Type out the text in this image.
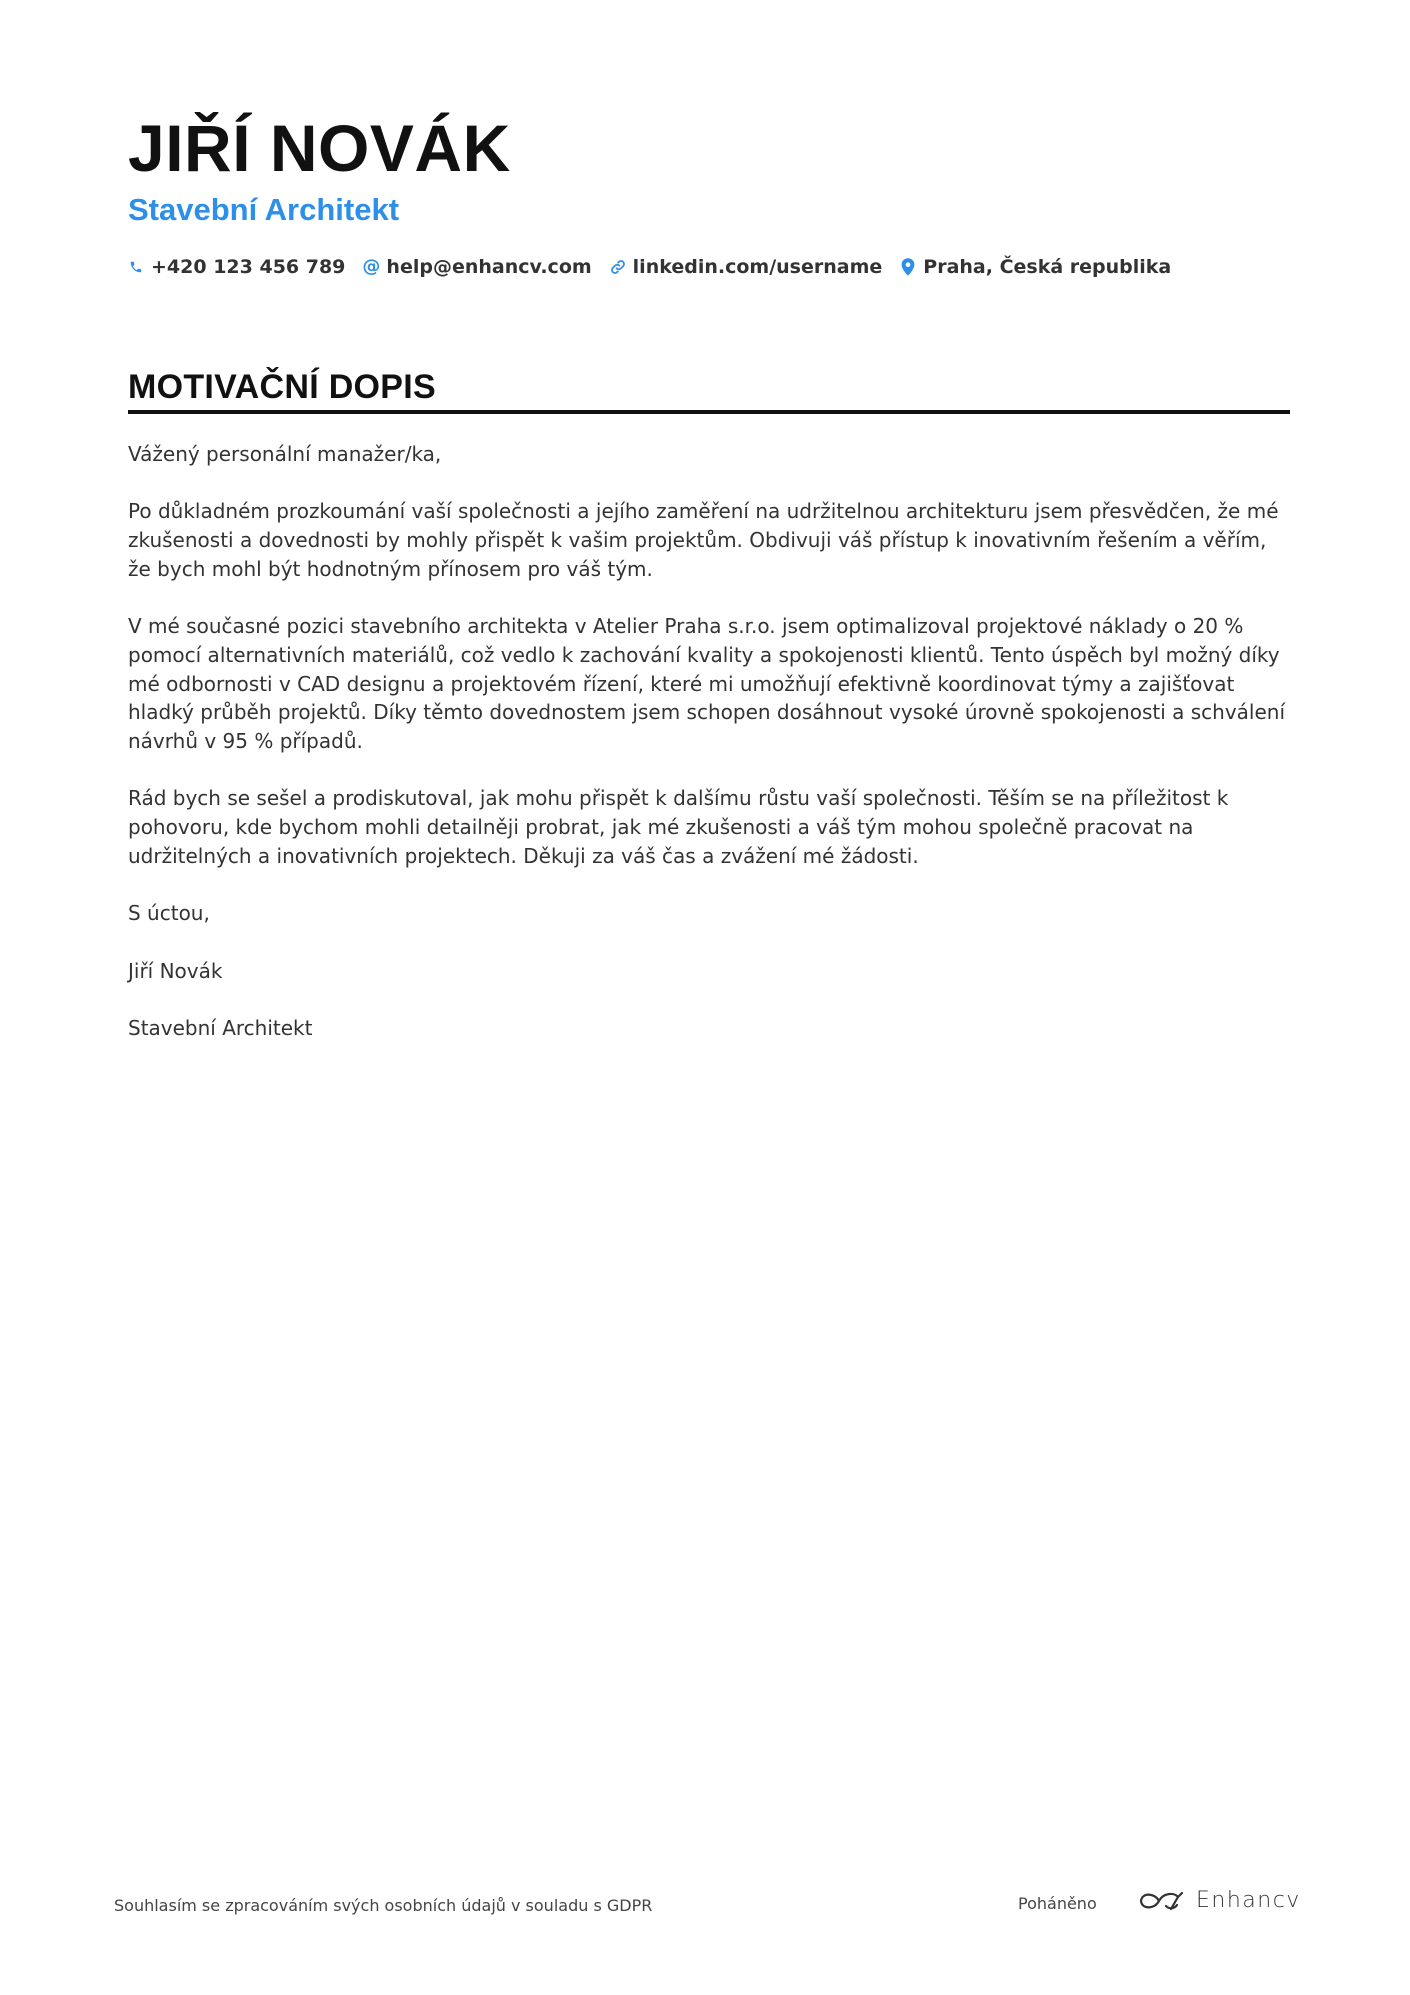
JIŘÍ NOVÁK
Stavební Architekt
+420 123 456 789 @ help@enhancv.com linkedin.com/username Praha, Česká republika
MOTIVAČNÍ DOPIS

Vážený personální manažer/ka,

Po důkladném prozkoumání vaší společnosti a jejího zaměření na udržitelnou architekturu jsem přesvědčen, že mé zkušenosti a dovednosti by mohly přispět k vašim projektům. Obdivuji váš přístup k inovativním řešením a věřím, že bych mohl být hodnotným přínosem pro váš tým.

V mé současné pozici stavebního architekta v Atelier Praha s.r.o. jsem optimalizoval projektové náklady o 20 % pomocí alternativních materiálů, což vedlo k zachování kvality a spokojenosti klientů. Tento úspěch byl možný díky mé odbornosti v CAD designu a projektovém řízení, které mi umožňují efektivně koordinovat týmy a zajišťovat hladký průběh projektů. Díky těmto dovednostem jsem schopen dosáhnout vysoké úrovně spokojenosti a schválení návrhů v 95 % případů.

Rád bych se sešel a prodiskutoval, jak mohu přispět k dalšímu růstu vaší společnosti. Těším se na příležitost k pohovoru, kde bychom mohli detailněji probrat, jak mé zkušenosti a váš tým mohou společně pracovat na udržitelných a inovativních projektech. Děkuji za váš čas a zvážení mé žádosti.

S úctou,

Jiří Novák

Stavební Architekt

Souhlasím se zpracováním svých osobních údajů v souladu s GDPR	Poháněno	Enhancv
